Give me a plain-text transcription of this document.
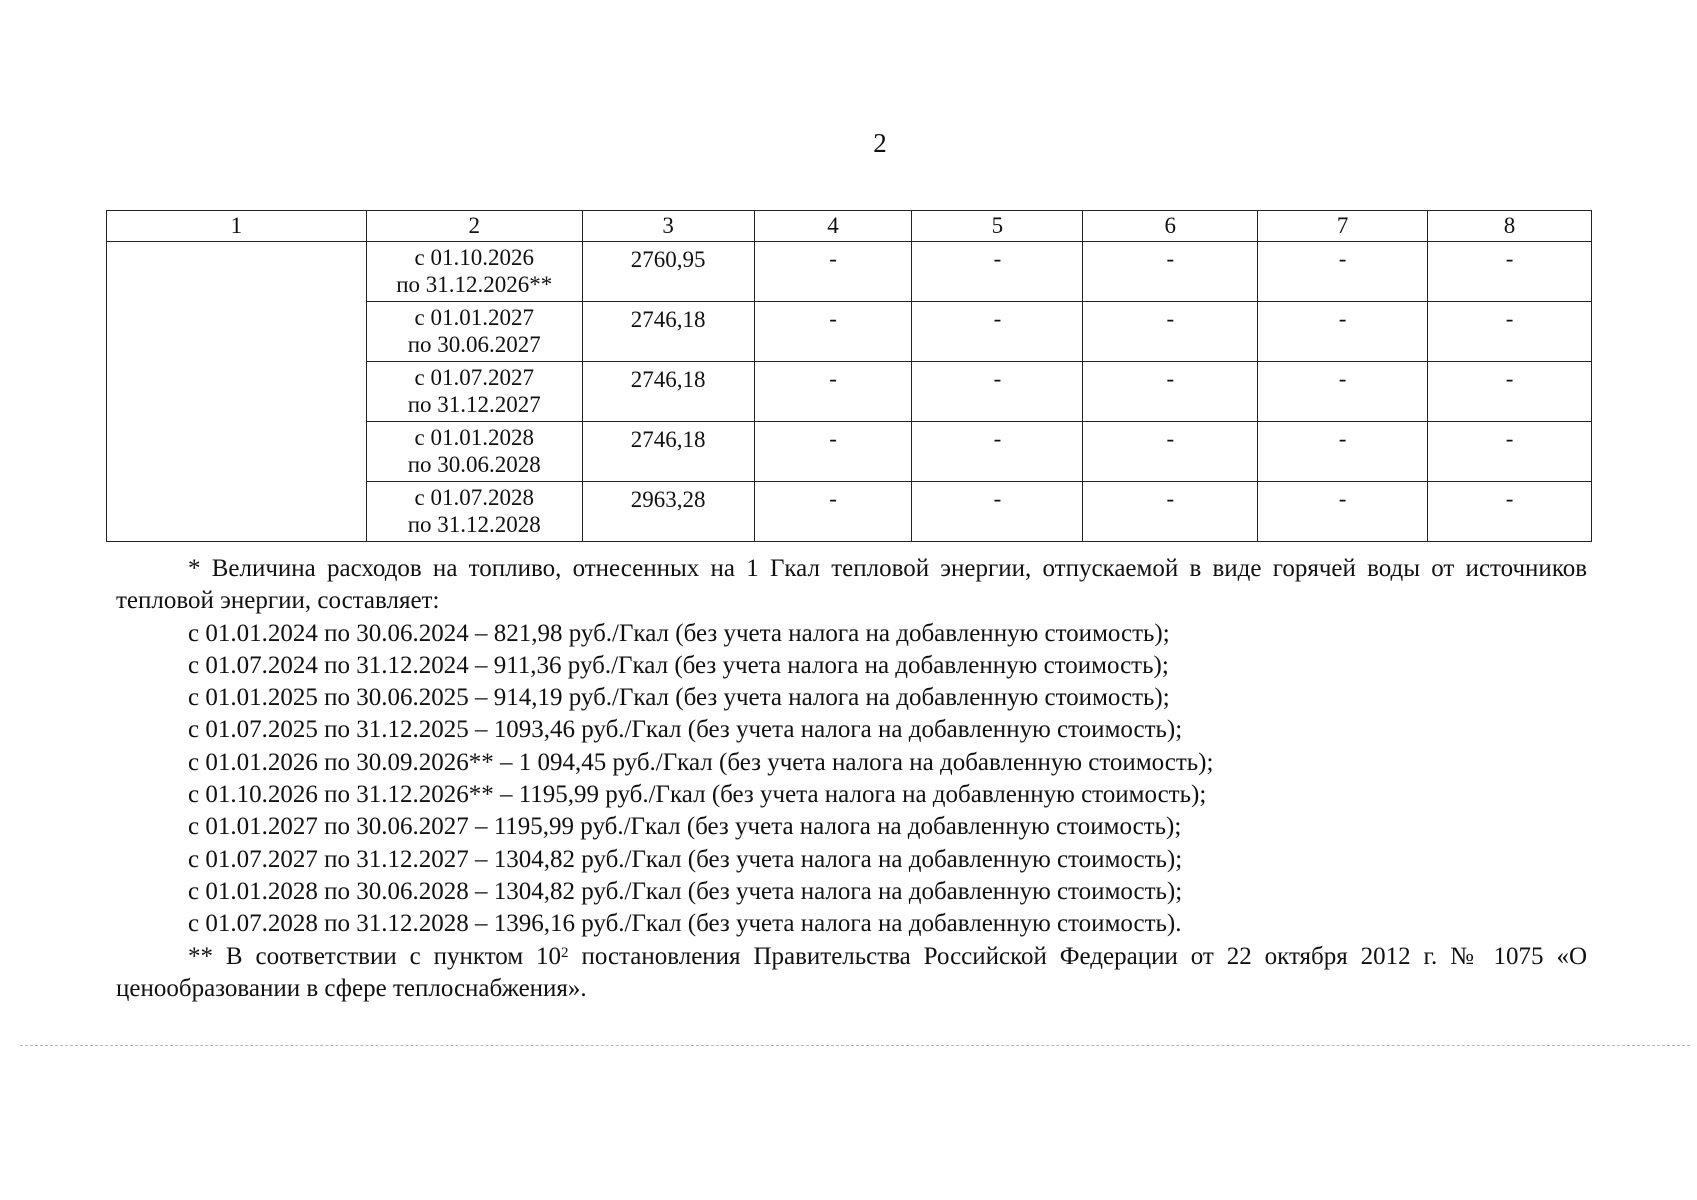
2
1	2	3	4	5	6	7	8

	с 01.10.2026
по 31.12.2026**	2760,95	-	-	-	-	-

	с 01.01.2027
по 30.06.2027	2746,18	-	-	-	-	-

	с 01.07.2027
по 31.12.2027	2746,18	-	-	-	-	-

	с 01.01.2028
по 30.06.2028	2746,18	-	-	-	-	-

	с 01.07.2028
по 31.12.2028	2963,28	-	-	-	-	-

* Величина расходов на топливо, отнесенных на 1 Гкал тепловой энергии, отпускаемой в виде горячей воды от источников тепловой энергии, составляет:

с 01.01.2024 по 30.06.2024 – 821,98 руб./Гкал (без учета налога на добавленную стоимость);

с 01.07.2024 по 31.12.2024 – 911,36 руб./Гкал (без учета налога на добавленную стоимость);

с 01.01.2025 по 30.06.2025 – 914,19 руб./Гкал (без учета налога на добавленную стоимость);

с 01.07.2025 по 31.12.2025 – 1093,46 руб./Гкал (без учета налога на добавленную стоимость);

с 01.01.2026 по 30.09.2026** – 1 094,45 руб./Гкал (без учета налога на добавленную стоимость);

с 01.10.2026 по 31.12.2026** – 1195,99 руб./Гкал (без учета налога на добавленную стоимость);

с 01.01.2027 по 30.06.2027 – 1195,99 руб./Гкал (без учета налога на добавленную стоимость);

с 01.07.2027 по 31.12.2027 – 1304,82 руб./Гкал (без учета налога на добавленную стоимость);

с 01.01.2028 по 30.06.2028 – 1304,82 руб./Гкал (без учета налога на добавленную стоимость);

с 01.07.2028 по 31.12.2028 – 1396,16 руб./Гкал (без учета налога на добавленную стоимость).

** В соответствии с пунктом $10^2$ постановления Правительства Российской Федерации от 22 октября 2012 г. № 1075 «О ценообразовании в сфере теплоснабжения».
